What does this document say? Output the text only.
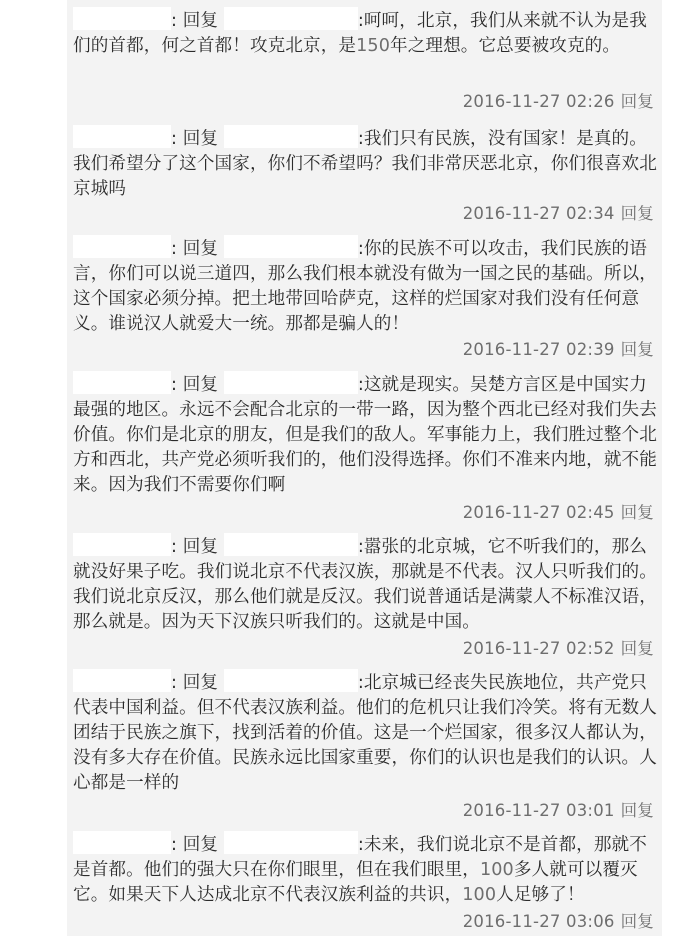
: 回复	:呵呵，北京，我们从来就不认为是我们的首都，何之首都！攻克北京，是150年之理想。它总要被攻克的。

2016-11-27 02:26 回复

: 回复	:我们只有民族，没有国家！是真的。我们希望分了这个国家，你们不希望吗？我们非常厌恶北京，你们很喜欢北京城吗

2016-11-27 02:34 回复

: 回复	:你的民族不可以攻击，我们民族的语言，你们可以说三道四，那么我们根本就没有做为一国之民的基础。所以，这个国家必须分掉。把土地带回哈萨克，这样的烂国家对我们没有任何意义。谁说汉人就爱大一统。那都是骗人的！

2016-11-27 02:39 回复

: 回复	:这就是现实。吴楚方言区是中国实力最强的地区。永远不会配合北京的一带一路，因为整个西北已经对我们失去价值。你们是北京的朋友，但是我们的敌人。军事能力上，我们胜过整个北方和西北，共产党必须听我们的，他们没得选择。你们不准来内地，就不能来。因为我们不需要你们啊

2016-11-27 02:45 回复

: 回复	:嚣张的北京城，它不听我们的，那么就没好果子吃。我们说北京不代表汉族，那就是不代表。汉人只听我们的。我们说北京反汉，那么他们就是反汉。我们说普通话是满蒙人不标准汉语，那么就是。因为天下汉族只听我们的。这就是中国。

2016-11-27 02:52 回复

: 回复	:北京城已经丧失民族地位，共产党只代表中国利益。但不代表汉族利益。他们的危机只让我们冷笑。将有无数人团结于民族之旗下，找到活着的价值。这是一个烂国家，很多汉人都认为，没有多大存在价值。民族永远比国家重要，你们的认识也是我们的认识。人心都是一样的

2016-11-27 03:01 回复

: 回复	:未来，我们说北京不是首都，那就不是首都。他们的强大只在你们眼里，但在我们眼里，100多人就可以覆灭它。如果天下人达成北京不代表汉族利益的共识，100人足够了！

2016-11-27 03:06 回复
